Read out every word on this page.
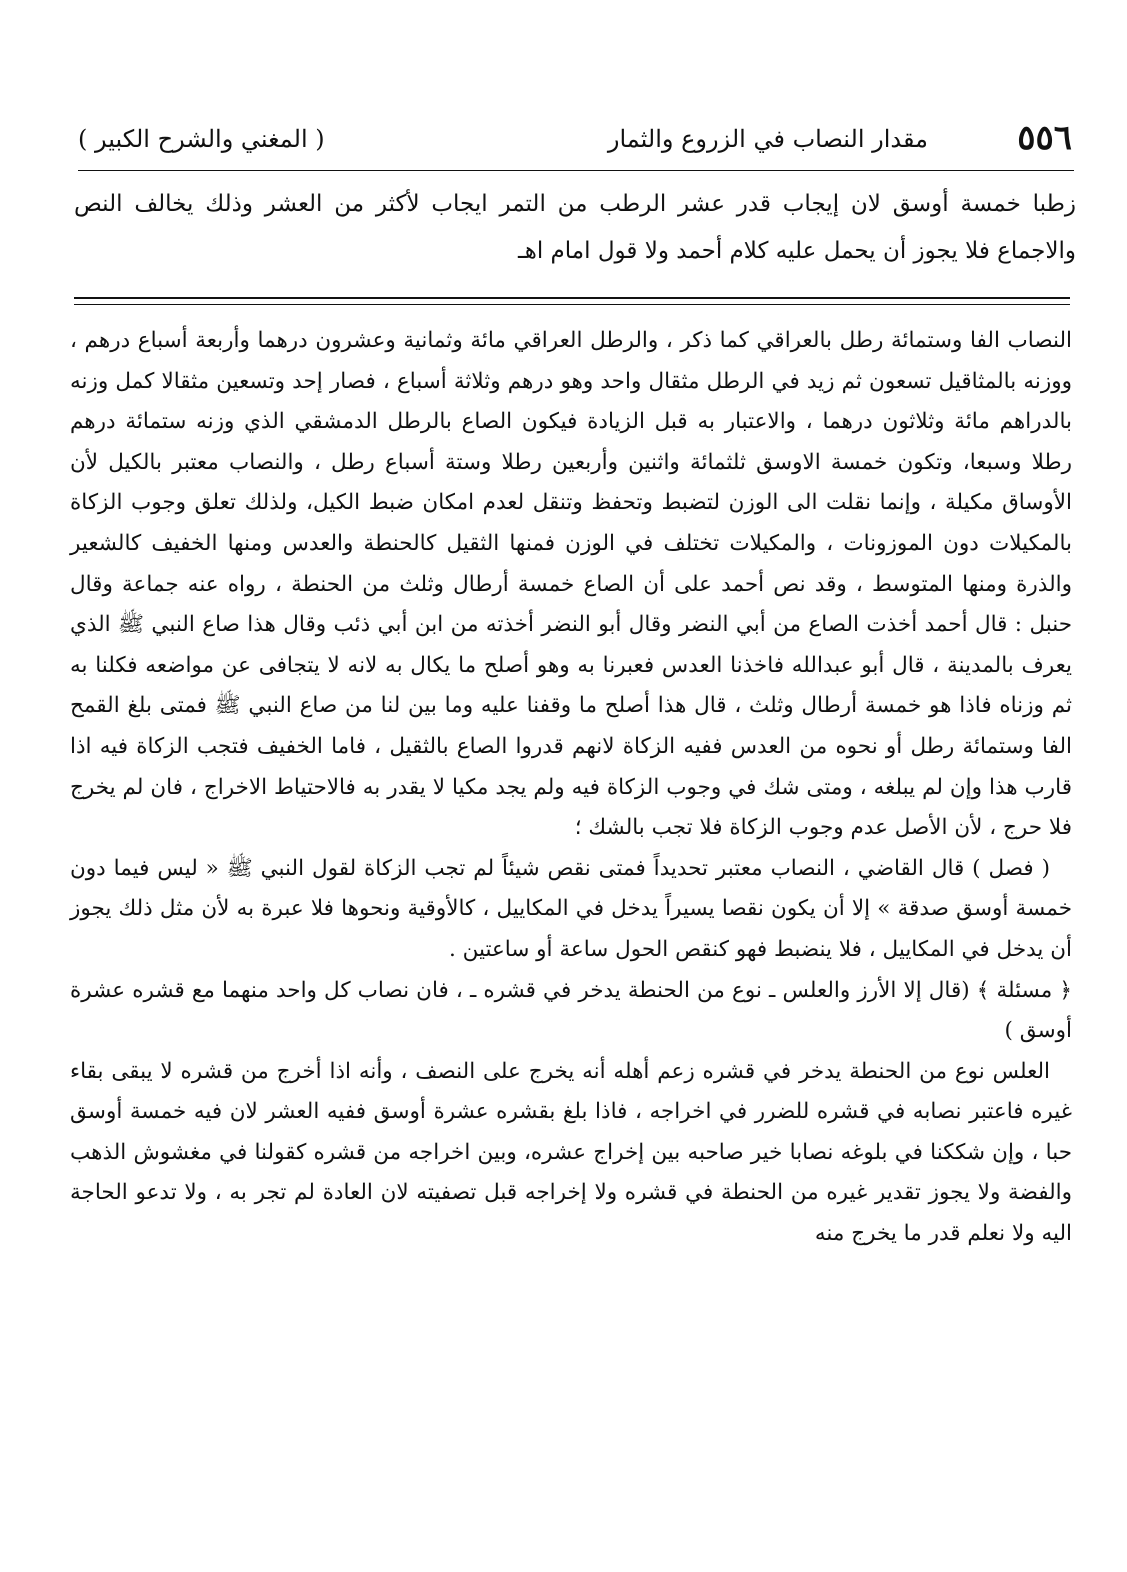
٥٥٦
مقدار النصاب في الزروع والثمار
( المغني والشرح الكبير )
زطبا خمسة أوسق لان إيجاب قدر عشر الرطب من التمر ايجاب لأكثر من العشر وذلك يخالف النص والاجماع فلا يجوز أن يحمل عليه كلام أحمد ولا قول امام اهـ

النصاب الفا وستمائة رطل بالعراقي كما ذكر ، والرطل العراقي مائة وثمانية وعشرون درهما وأربعة أسباع درهم ، ووزنه بالمثاقيل تسعون ثم زيد في الرطل مثقال واحد وهو درهم وثلاثة أسباع ، فصار إحد وتسعين مثقالا كمل وزنه بالدراهم مائة وثلاثون درهما ، والاعتبار به قبل الزيادة فيكون الصاع بالرطل الدمشقي الذي وزنه ستمائة درهم رطلا وسبعا، وتكون خمسة الاوسق ثلثمائة واثنين وأربعين رطلا وستة أسباع رطل ، والنصاب معتبر بالكيل لأن الأوساق مكيلة ، وإنما نقلت الى الوزن لتضبط وتحفظ وتنقل لعدم امكان ضبط الكيل، ولذلك تعلق وجوب الزكاة بالمكيلات دون الموزونات ، والمكيلات تختلف في الوزن فمنها الثقيل كالحنطة والعدس ومنها الخفيف كالشعير والذرة ومنها المتوسط ، وقد نص أحمد على أن الصاع خمسة أرطال وثلث من الحنطة ، رواه عنه جماعة وقال حنبل : قال أحمد أخذت الصاع من أبي النضر وقال أبو النضر أخذته من ابن أبي ذئب وقال هذا صاع النبي ﷺ الذي يعرف بالمدينة ، قال أبو عبدالله فاخذنا العدس فعبرنا به وهو أصلح ما يكال به لانه لا يتجافى عن مواضعه فكلنا به ثم وزناه فاذا هو خمسة أرطال وثلث ، قال هذا أصلح ما وقفنا عليه وما بين لنا من صاع النبي ﷺ فمتى بلغ القمح الفا وستمائة رطل أو نحوه من العدس ففيه الزكاة لانهم قدروا الصاع بالثقيل ، فاما الخفيف فتجب الزكاة فيه اذا قارب هذا وإن لم يبلغه ، ومتى شك في وجوب الزكاة فيه ولم يجد مكيا لا يقدر به فالاحتياط الاخراج ، فان لم يخرج فلا حرج ، لأن الأصل عدم وجوب الزكاة فلا تجب بالشك ؛

( فصل ) قال القاضي ، النصاب معتبر تحديداً فمتى نقص شيئاً لم تجب الزكاة لقول النبي ﷺ « ليس فيما دون خمسة أوسق صدقة » إلا أن يكون نقصا يسيراً يدخل في المكاييل ، كالأوقية ونحوها فلا عبرة به لأن مثل ذلك يجوز أن يدخل في المكاييل ، فلا ينضبط فهو كنقص الحول ساعة أو ساعتين .

﴿ مسئلة ﴾ (قال إلا الأرز والعلس ـ نوع من الحنطة يدخر في قشره ـ ، فان نصاب كل واحد منهما مع قشره عشرة أوسق )

العلس نوع من الحنطة يدخر في قشره زعم أهله أنه يخرج على النصف ، وأنه اذا أخرج من قشره لا يبقى بقاء غيره فاعتبر نصابه في قشره للضرر في اخراجه ، فاذا بلغ بقشره عشرة أوسق ففيه العشر لان فيه خمسة أوسق حبا ، وإن شككنا في بلوغه نصابا خير صاحبه بين إخراج عشره، وبين اخراجه من قشره كقولنا في مغشوش الذهب والفضة ولا يجوز تقدير غيره من الحنطة في قشره ولا إخراجه قبل تصفيته لان العادة لم تجر به ، ولا تدعو الحاجة اليه ولا نعلم قدر ما يخرج منه
